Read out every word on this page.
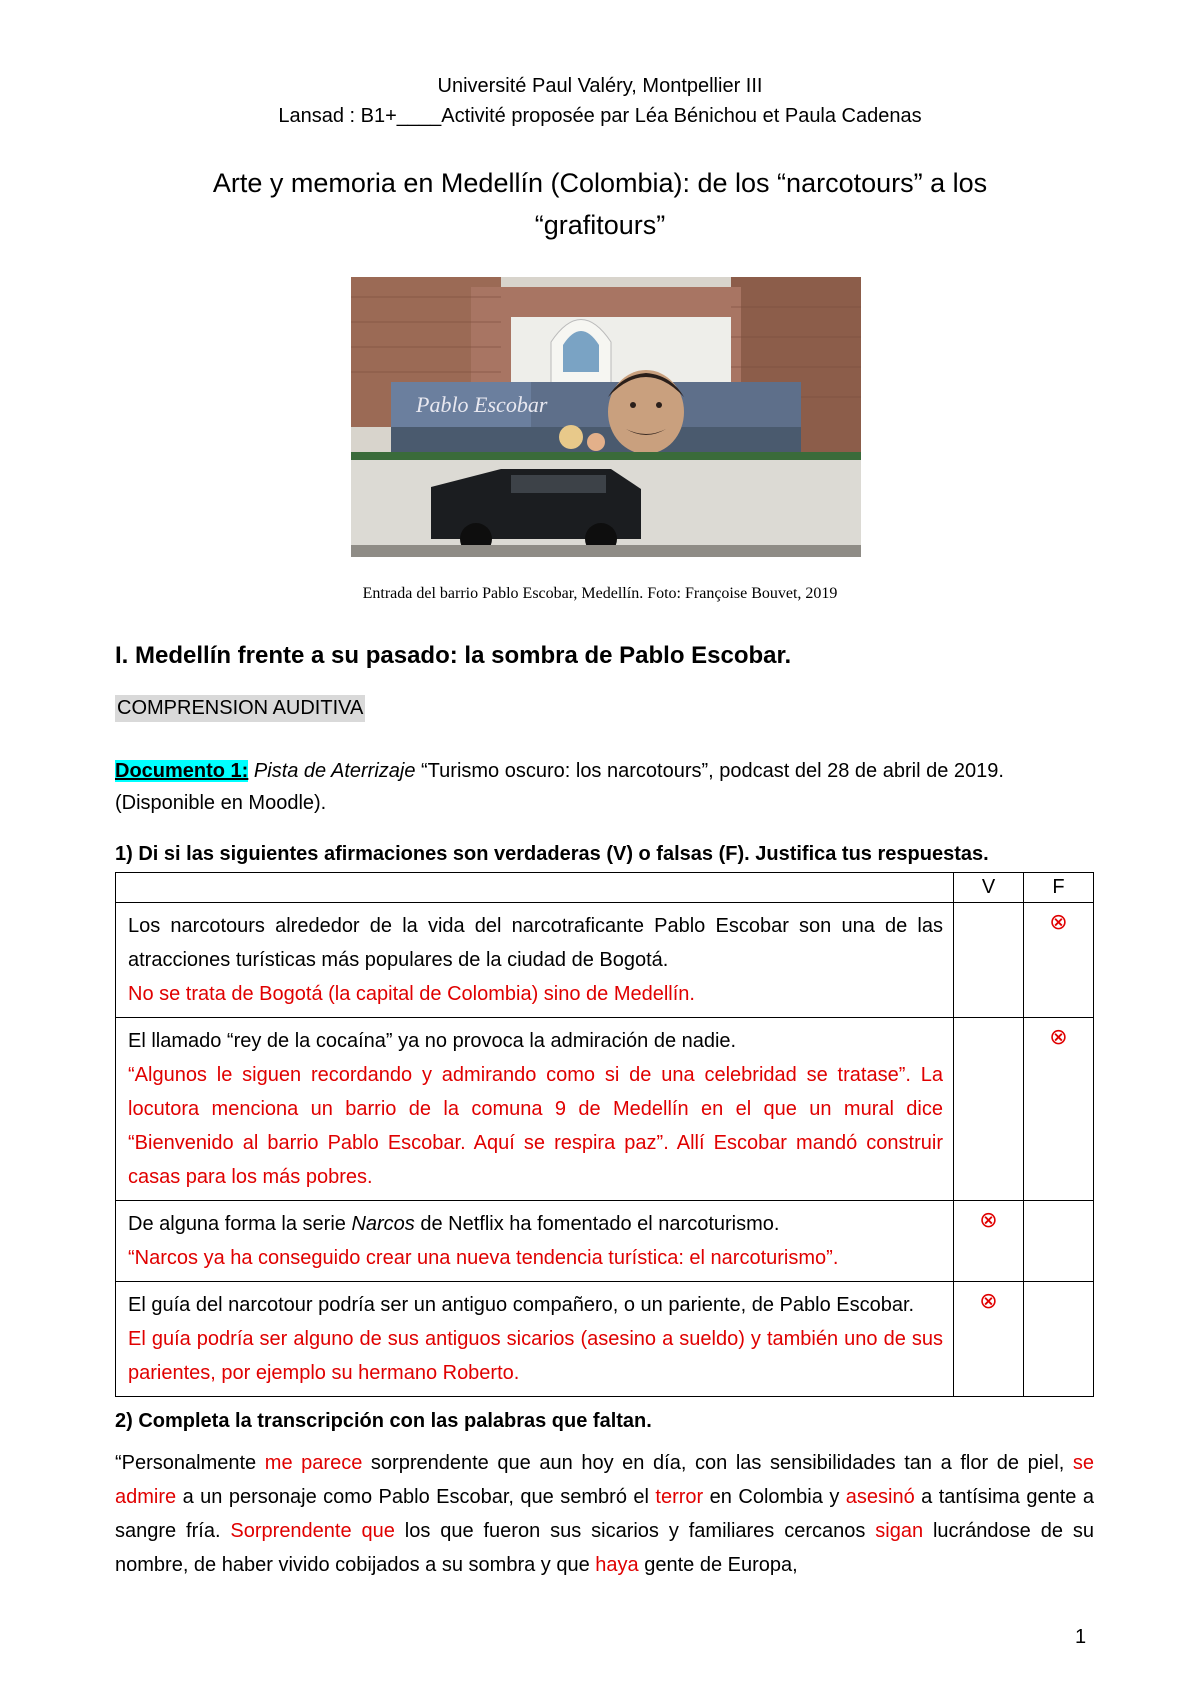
Université Paul Valéry, Montpellier III
Lansad : B1+____Activité proposée par Léa Bénichou et Paula Cadenas
Arte y memoria en Medellín (Colombia): de los “narcotours” a los
“grafitours”
Pablo Escobar
Entrada del barrio Pablo Escobar, Medellín. Foto: Françoise Bouvet, 2019
I. Medellín frente a su pasado: la sombra de Pablo Escobar.
COMPRENSION AUDITIVA
Documento 1: Pista de Aterrizaje “Turismo oscuro: los narcotours”, podcast del 28 de abril de 2019.
(Disponible en Moodle).
1) Di si las siguientes afirmaciones son verdaderas (V) o falsas (F). Justifica tus respuestas.
	V	F
Los narcotours alrededor de la vida del narcotraficante Pablo Escobar son una de las atracciones turísticas más populares de la ciudad de Bogotá.
No se trata de Bogotá (la capital de Colombia) sino de Medellín.		⊗
El llamado “rey de la cocaína” ya no provoca la admiración de nadie.
“Algunos le siguen recordando y admirando como si de una celebridad se tratase”. La locutora menciona un barrio de la comuna 9 de Medellín en el que un mural dice “Bienvenido al barrio Pablo Escobar. Aquí se respira paz”. Allí Escobar mandó construir casas para los más pobres.		⊗
De alguna forma la serie Narcos de Netflix ha fomentado el narcoturismo.
“Narcos ya ha conseguido crear una nueva tendencia turística: el narcoturismo”.	⊗	
El guía del narcotour podría ser un antiguo compañero, o un pariente, de Pablo Escobar.
El guía podría ser alguno de sus antiguos sicarios (asesino a sueldo) y también uno de sus parientes, por ejemplo su hermano Roberto.	⊗	
2) Completa la transcripción con las palabras que faltan.
“Personalmente me parece sorprendente que aun hoy en día, con las sensibilidades tan a flor de piel, se admire a un personaje como Pablo Escobar, que sembró el terror en Colombia y asesinó a tantísima gente a sangre fría. Sorprendente que los que fueron sus sicarios y familiares cercanos sigan lucrándose de su nombre, de haber vivido cobijados a su sombra y que haya gente de Europa,
1
